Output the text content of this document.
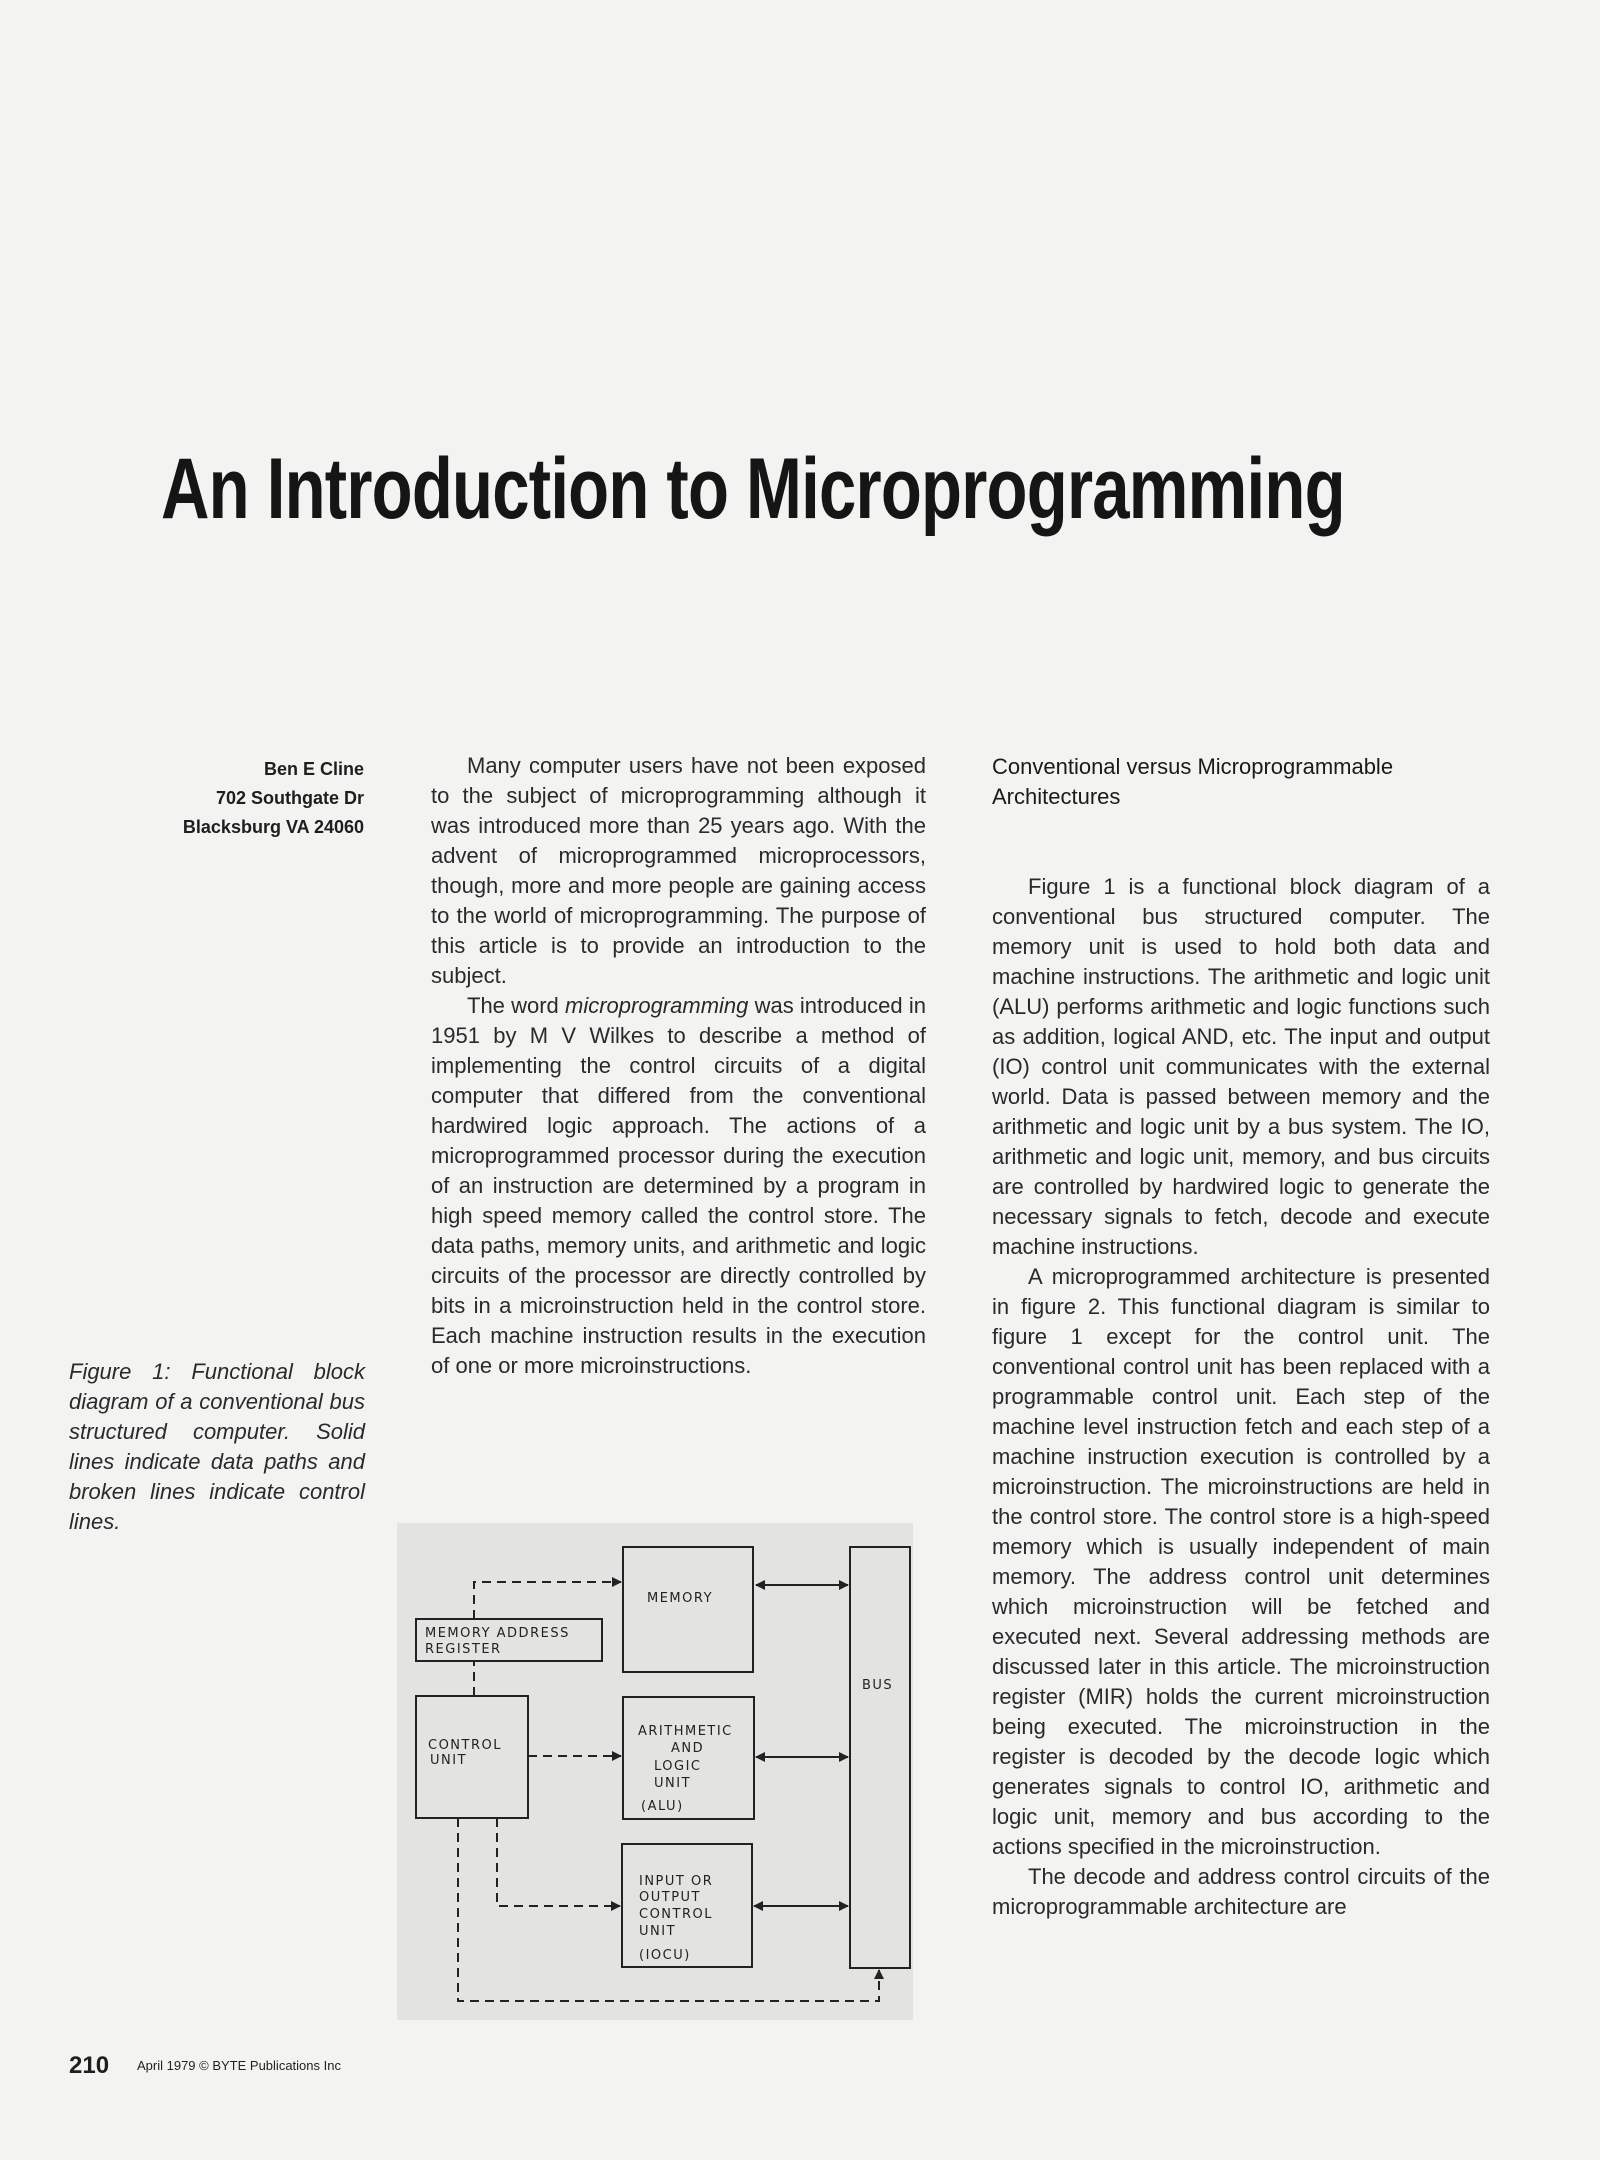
An Introduction to Microprogramming
Ben E Cline
702 Southgate Dr
Blacksburg VA 24060

Many computer users have not been exposed to the subject of microprogramming although it was introduced more than 25 years ago. With the advent of microprogrammed microprocessors, though, more and more people are gaining access to the world of microprogramming. The purpose of this article is to provide an introduction to the subject.

The word microprogramming was introduced in 1951 by M V Wilkes to describe a method of implementing the control circuits of a digital computer that differed from the conventional hardwired logic approach. The actions of a microprogrammed processor during the execution of an instruction are determined by a program in high speed memory called the control store. The data paths, memory units, and arithmetic and logic circuits of the processor are directly controlled by bits in a microinstruction held in the control store. Each machine instruction results in the execution of one or more microinstructions.

Conventional versus Microprogrammable Architectures

Figure 1 is a functional block diagram of a conventional bus structured computer. The memory unit is used to hold both data and machine instructions. The arithmetic and logic unit (ALU) performs arithmetic and logic functions such as addition, logical AND, etc. The input and output (IO) control unit communicates with the external world. Data is passed between memory and the arithmetic and logic unit by a bus system. The IO, arithmetic and logic unit, memory, and bus circuits are controlled by hardwired logic to generate the necessary signals to fetch, decode and execute machine instructions.

A microprogrammed architecture is presented in figure 2. This functional diagram is similar to figure 1 except for the control unit. The conventional control unit has been replaced with a programmable control unit. Each step of the machine level instruction fetch and each step of a machine instruction execution is controlled by a microinstruction. The microinstructions are held in the control store. The control store is a high-speed memory which is usually independent of main memory. The address control unit determines which microinstruction will be fetched and executed next. Several addressing methods are discussed later in this article. The microinstruction register (MIR) holds the current microinstruction being executed. The microinstruction in the register is decoded by the decode logic which generates signals to control IO, arithmetic and logic unit, memory and bus according to the actions specified in the microinstruction.

The decode and address control circuits of the microprogrammable architecture are

Figure 1: Functional block diagram of a conventional bus structured computer. Solid lines indicate data paths and broken lines indicate control lines.
MEMORY
MEMORY ADDRESS
REGISTER
CONTROL
UNIT
ARITHMETIC
AND
LOGIC
UNIT
(ALU)
INPUT OR
OUTPUT
CONTROL
UNIT
(IOCU)
BUS
210 April 1979 © BYTE Publications Inc
